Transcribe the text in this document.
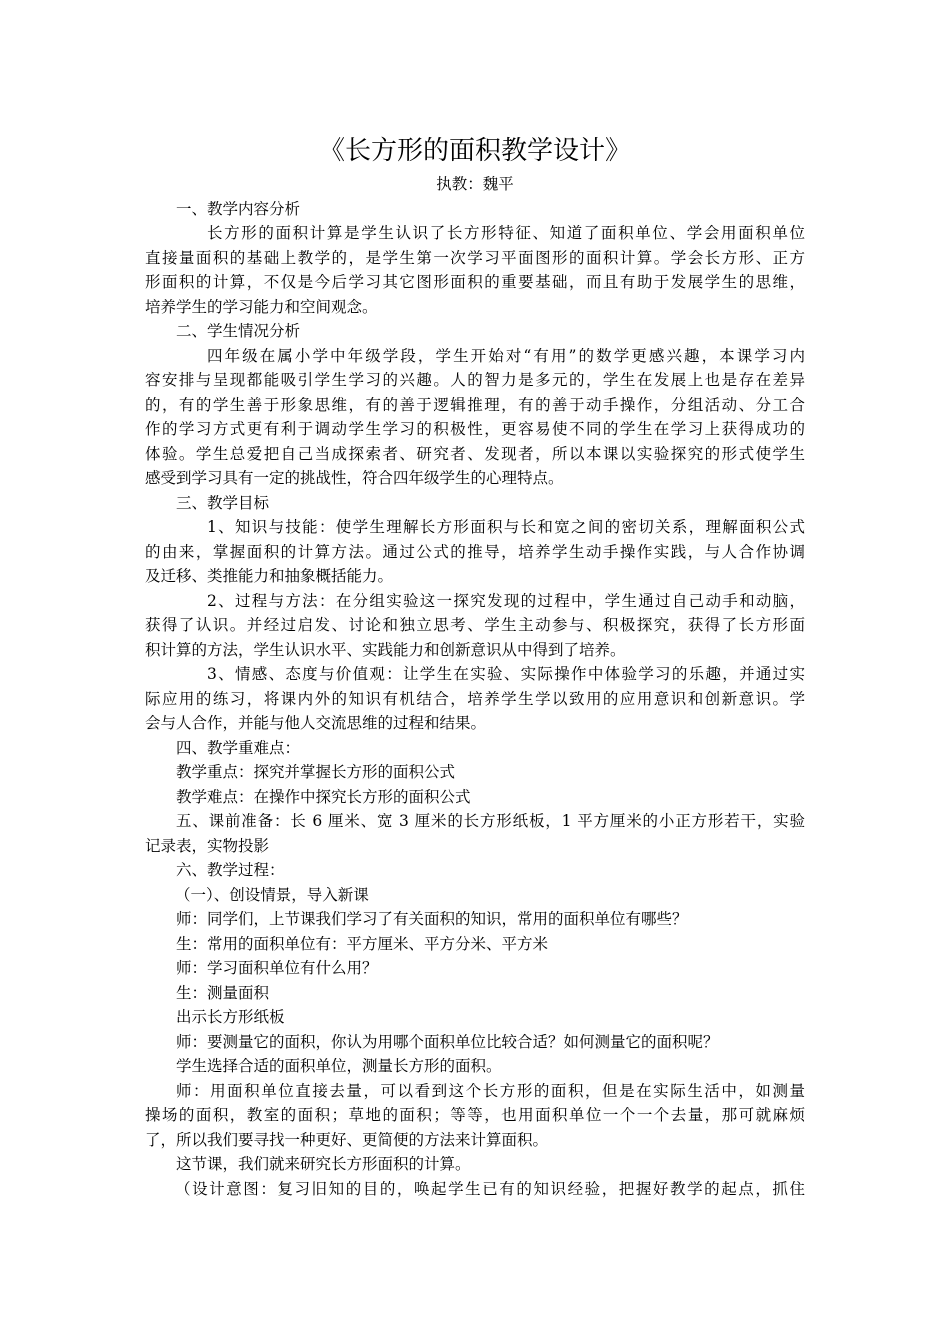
《长方形的面积教学设计》
执教：魏平
一、教学内容分析
长方形的面积计算是学生认识了长方形特征、知道了面积单位、学会用面积单位
直接量面积的基础上教学的，是学生第一次学习平面图形的面积计算。学会长方形、正方
形面积的计算，不仅是今后学习其它图形面积的重要基础，而且有助于发展学生的思维，
培养学生的学习能力和空间观念。
二、学生情况分析
四年级在属小学中年级学段，学生开始对“有用”的数学更感兴趣，本课学习内
容安排与呈现都能吸引学生学习的兴趣。人的智力是多元的，学生在发展上也是存在差异
的，有的学生善于形象思维，有的善于逻辑推理，有的善于动手操作，分组活动、分工合
作的学习方式更有利于调动学生学习的积极性，更容易使不同的学生在学习上获得成功的
体验。学生总爱把自己当成探索者、研究者、发现者，所以本课以实验探究的形式使学生
感受到学习具有一定的挑战性，符合四年级学生的心理特点。
三、教学目标
1、知识与技能：使学生理解长方形面积与长和宽之间的密切关系，理解面积公式
的由来，掌握面积的计算方法。通过公式的推导，培养学生动手操作实践，与人合作协调
及迁移、类推能力和抽象概括能力。
2、过程与方法：在分组实验这一探究发现的过程中，学生通过自己动手和动脑，
获得了认识。并经过启发、讨论和独立思考、学生主动参与、积极探究，获得了长方形面
积计算的方法，学生认识水平、实践能力和创新意识从中得到了培养。
3、情感、态度与价值观：让学生在实验、实际操作中体验学习的乐趣，并通过实
际应用的练习，将课内外的知识有机结合，培养学生学以致用的应用意识和创新意识。学
会与人合作，并能与他人交流思维的过程和结果。
四、教学重难点：
教学重点：探究并掌握长方形的面积公式
教学难点：在操作中探究长方形的面积公式
五、课前准备：长 6 厘米、宽 3 厘米的长方形纸板，1 平方厘米的小正方形若干，实验
记录表，实物投影
六、教学过程：
（一）、创设情景，导入新课
师：同学们，上节课我们学习了有关面积的知识，常用的面积单位有哪些？
生：常用的面积单位有：平方厘米、平方分米、平方米
师：学习面积单位有什么用？
生：测量面积
出示长方形纸板
师：要测量它的面积，你认为用哪个面积单位比较合适？如何测量它的面积呢？
学生选择合适的面积单位，测量长方形的面积。
师：用面积单位直接去量，可以看到这个长方形的面积，但是在实际生活中，如测量
操场的面积，教室的面积；草地的面积；等等，也用面积单位一个一个去量，那可就麻烦
了，所以我们要寻找一种更好、更简便的方法来计算面积。
这节课，我们就来研究长方形面积的计算。
（设计意图：复习旧知的目的，唤起学生已有的知识经验，把握好教学的起点，抓住
